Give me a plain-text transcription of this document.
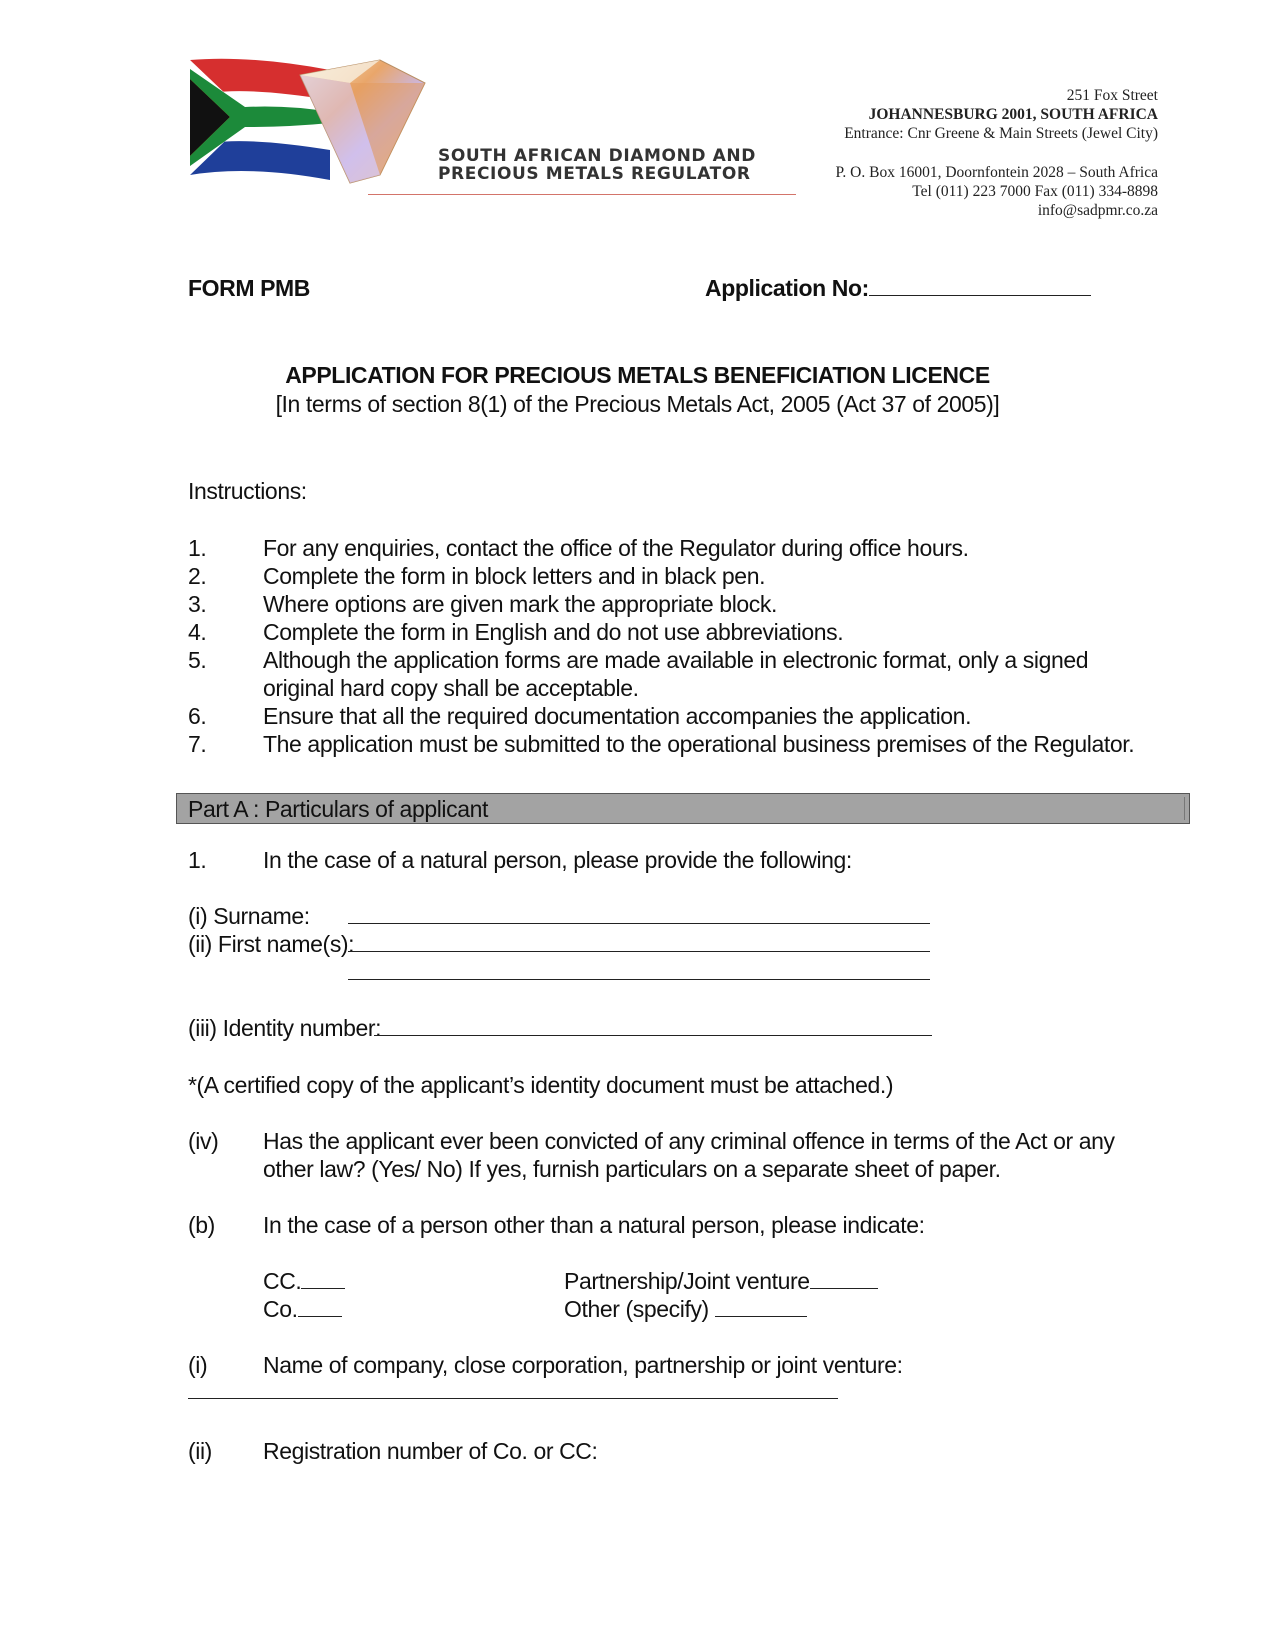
SOUTH AFRICAN DIAMOND AND
PRECIOUS METALS REGULATOR
251 Fox Street
JOHANNESBURG 2001, SOUTH AFRICA
Entrance: Cnr Greene & Main Streets (Jewel City)
P. O. Box 16001, Doornfontein 2028 – South Africa
Tel (011) 223 7000 Fax (011) 334-8898
info@sadpmr.co.za
FORM PMB	Application No:
APPLICATION FOR PRECIOUS METALS BENEFICIATION LICENCE
[In terms of section 8(1) of the Precious Metals Act, 2005 (Act 37 of 2005)]
Instructions:
1. For any enquiries, contact the office of the Regulator during office hours.
2. Complete the form in block letters and in black pen.
3. Where options are given mark the appropriate block.
4. Complete the form in English and do not use abbreviations.
5. Although the application forms are made available in electronic format, only a signed
original hard copy shall be acceptable.
6. Ensure that all the required documentation accompanies the application.
7. The application must be submitted to the operational business premises of the Regulator.
Part A : Particulars of applicant
1. In the case of a natural person, please provide the following:
(i) Surname:
(ii) First name(s):
(iii) Identity number:
*(A certified copy of the applicant’s identity document must be attached.)
(iv) Has the applicant ever been convicted of any criminal offence in terms of the Act or any
other law? (Yes/ No) If yes, furnish particulars on a separate sheet of paper.
(b) In the case of a person other than a natural person, please indicate:
CC.
Co.
Partnership/Joint venture
Other (specify)
(i) Name of company, close corporation, partnership or joint venture:
(ii) Registration number of Co. or CC:
